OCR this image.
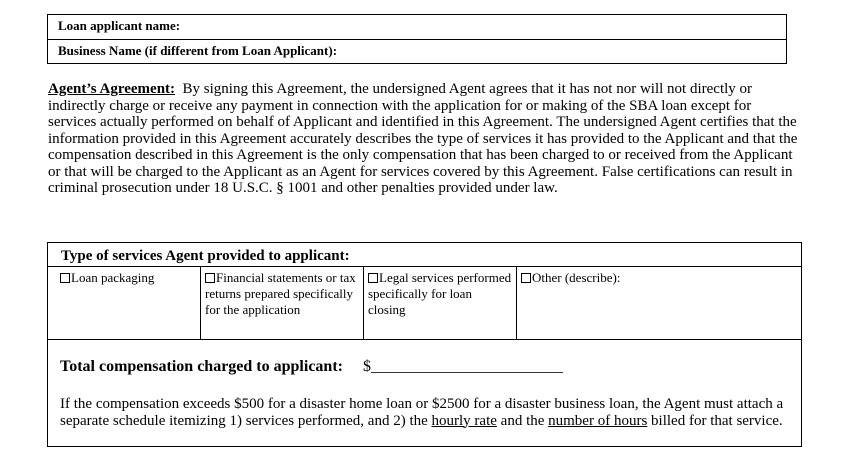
Loan applicant name:
Business Name (if different from Loan Applicant):

Agent’s Agreement: By signing this Agreement, the undersigned Agent agrees that it has not nor will not directly or indirectly charge or receive any payment in connection with the application for or making of the SBA loan except for services actually performed on behalf of Applicant and identified in this Agreement. The undersigned Agent certifies that the information provided in this Agreement accurately describes the type of services it has provided to the Applicant and that the compensation described in this Agreement is the only compensation that has been charged to or received from the Applicant or that will be charged to the Applicant as an Agent for services covered by this Agreement. False certifications can result in criminal prosecution under 18 U.S.C. § 1001 and other penalties provided under law.

Type of services Agent provided to applicant:
Loan packaging	Financial statements or tax returns prepared specifically for the application
Legal services performed specifically for loan closing
Other (describe):
Total compensation charged to applicant: $________________________

If the compensation exceeds $500 for a disaster home loan or $2500 for a disaster business loan, the Agent must attach a separate schedule itemizing 1) services performed, and 2) the hourly rate and the number of hours billed for that service.
